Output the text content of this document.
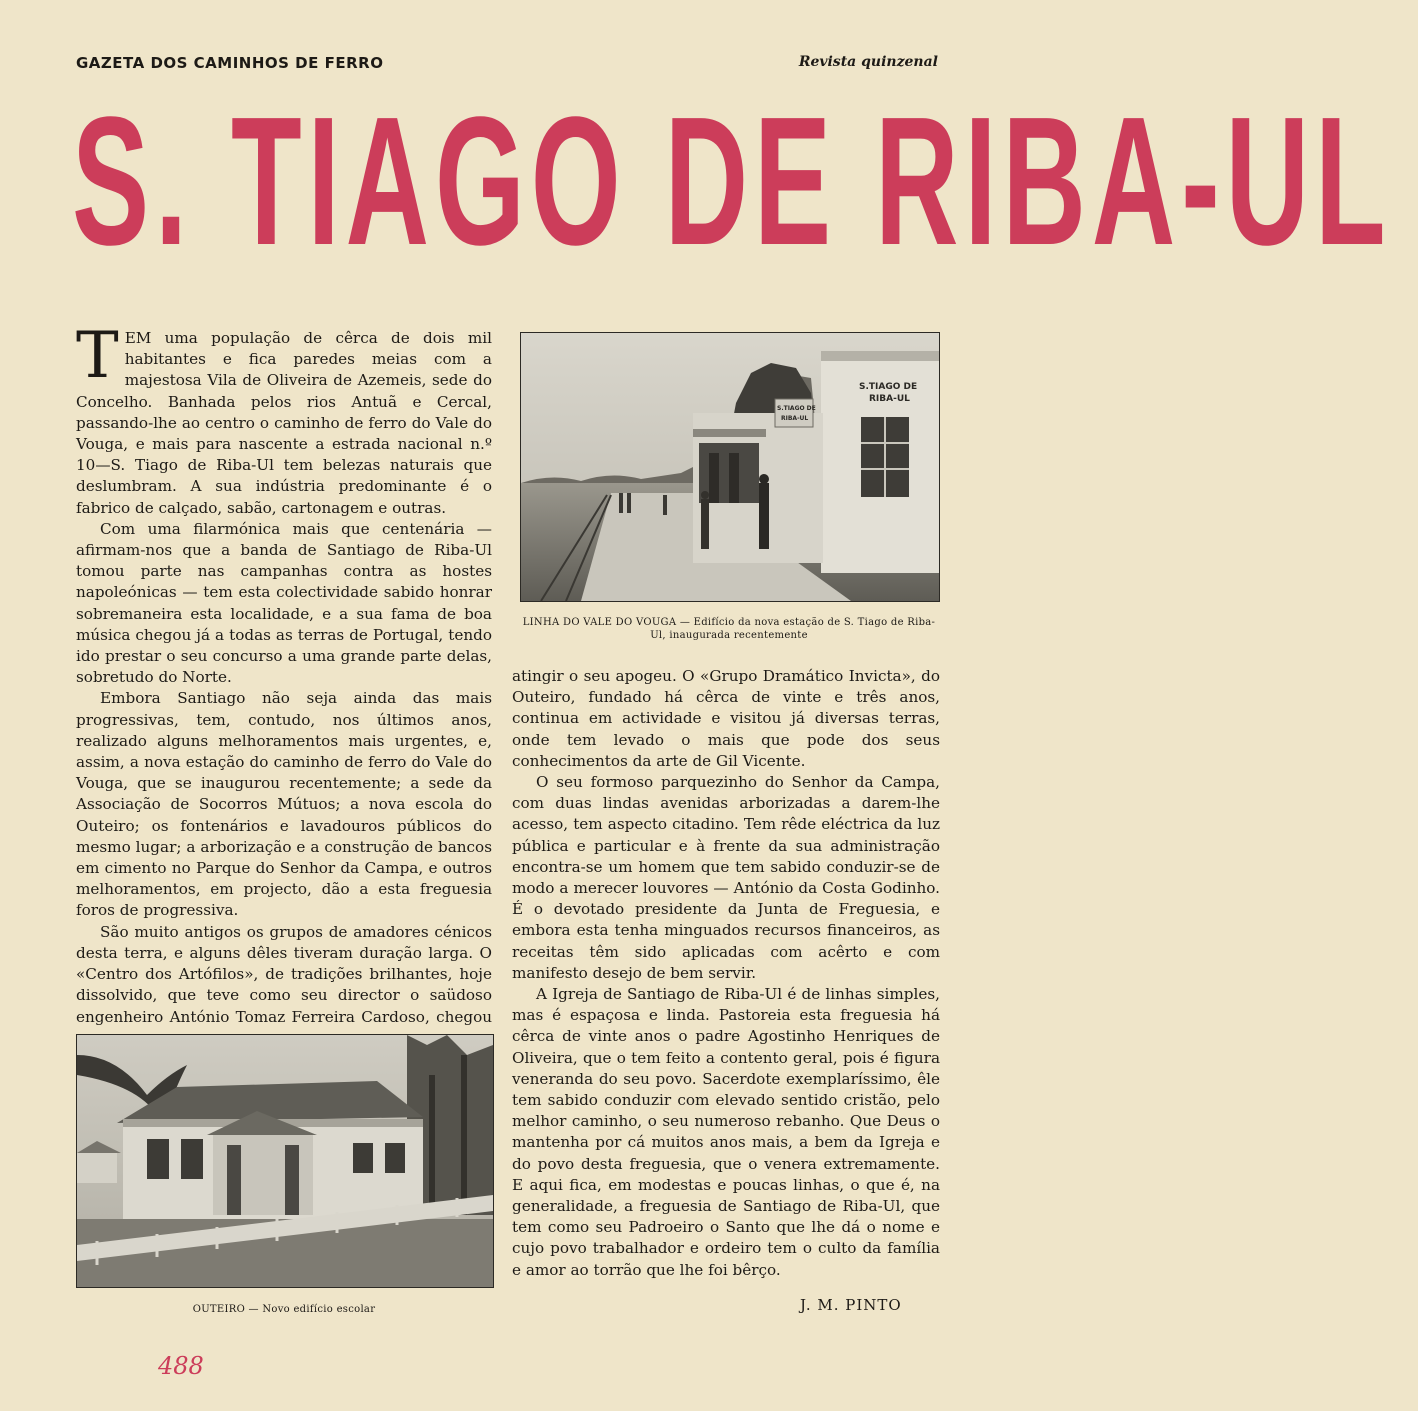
GAZETA DOS CAMINHOS DE FERRO	Revista quinzenal
S. TIAGO DE RIBA-UL

TEM uma população de cêrca de dois mil habitantes e fica paredes meias com a majestosa Vila de Oliveira de Azemeis, sede do Concelho. Banhada pelos rios Antuã e Cercal, passando-lhe ao centro o caminho de ferro do Vale do Vouga, e mais para nascente a estrada nacional n.º 10—S. Tiago de Riba-Ul tem belezas naturais que deslumbram. A sua indústria predominante é o fabrico de calçado, sabão, cartonagem e outras.

Com uma filarmónica mais que centenária — afirmam-nos que a banda de Santiago de Riba-Ul tomou parte nas campanhas contra as hostes napoleónicas — tem esta colectividade sabido honrar sobremaneira esta localidade, e a sua fama de boa música chegou já a todas as terras de Portugal, tendo ido prestar o seu concurso a uma grande parte delas, sobretudo do Norte.

Embora Santiago não seja ainda das mais progressivas, tem, contudo, nos últimos anos, realizado alguns melhoramentos mais urgentes, e, assim, a nova estação do caminho de ferro do Vale do Vouga, que se inaugurou recentemente; a sede da Associação de Socorros Mútuos; a nova escola do Outeiro; os fontenários e lavadouros públicos do mesmo lugar; a arborização e a construção de bancos em cimento no Parque do Senhor da Campa, e outros melhoramentos, em projecto, dão a esta freguesia foros de progressiva.

São muito antigos os grupos de amadores cénicos desta terra, e alguns dêles tiveram duração larga. O «Centro dos Artófilos», de tradições brilhantes, hoje dissolvido, que teve como seu director o saüdoso engenheiro António Tomaz Ferreira Cardoso, chegou

S.TIAGO DE
RIBA-UL
S.TIAGO DE
RIBA-UL
LINHA DO VALE DO VOUGA — Edifício da nova estação de S. Tiago de Riba-Ul, inaugurada recentemente

atingir o seu apogeu. O «Grupo Dramático Invicta», do Outeiro, fundado há cêrca de vinte e três anos, continua em actividade e visitou já diversas terras, onde tem levado o mais que pode dos seus conhecimentos da arte de Gil Vicente.

O seu formoso parquezinho do Senhor da Campa, com duas lindas avenidas arborizadas a darem-lhe acesso, tem aspecto citadino. Tem rêde eléctrica da luz pública e particular e à frente da sua administração encontra-se um homem que tem sabido conduzir-se de modo a merecer louvores — António da Costa Godinho. É o devotado presidente da Junta de Freguesia, e embora esta tenha minguados recursos financeiros, as receitas têm sido aplicadas com acêrto e com manifesto desejo de bem servir.

A Igreja de Santiago de Riba-Ul é de linhas simples, mas é espaçosa e linda. Pastoreia esta freguesia há cêrca de vinte anos o padre Agostinho Henriques de Oliveira, que o tem feito a contento geral, pois é figura veneranda do seu povo. Sacerdote exemplaríssimo, êle tem sabido conduzir com elevado sentido cristão, pelo melhor caminho, o seu numeroso rebanho. Que Deus o mantenha por cá muitos anos mais, a bem da Igreja e do povo desta freguesia, que o venera extremamente. E aqui fica, em modestas e poucas linhas, o que é, na generalidade, a freguesia de Santiago de Riba-Ul, que tem como seu Padroeiro o Santo que lhe dá o nome e cujo povo trabalhador e ordeiro tem o culto da família e amor ao torrão que lhe foi bêrço.

OUTEIRO — Novo edifício escolar	J. M. PINTO
488
